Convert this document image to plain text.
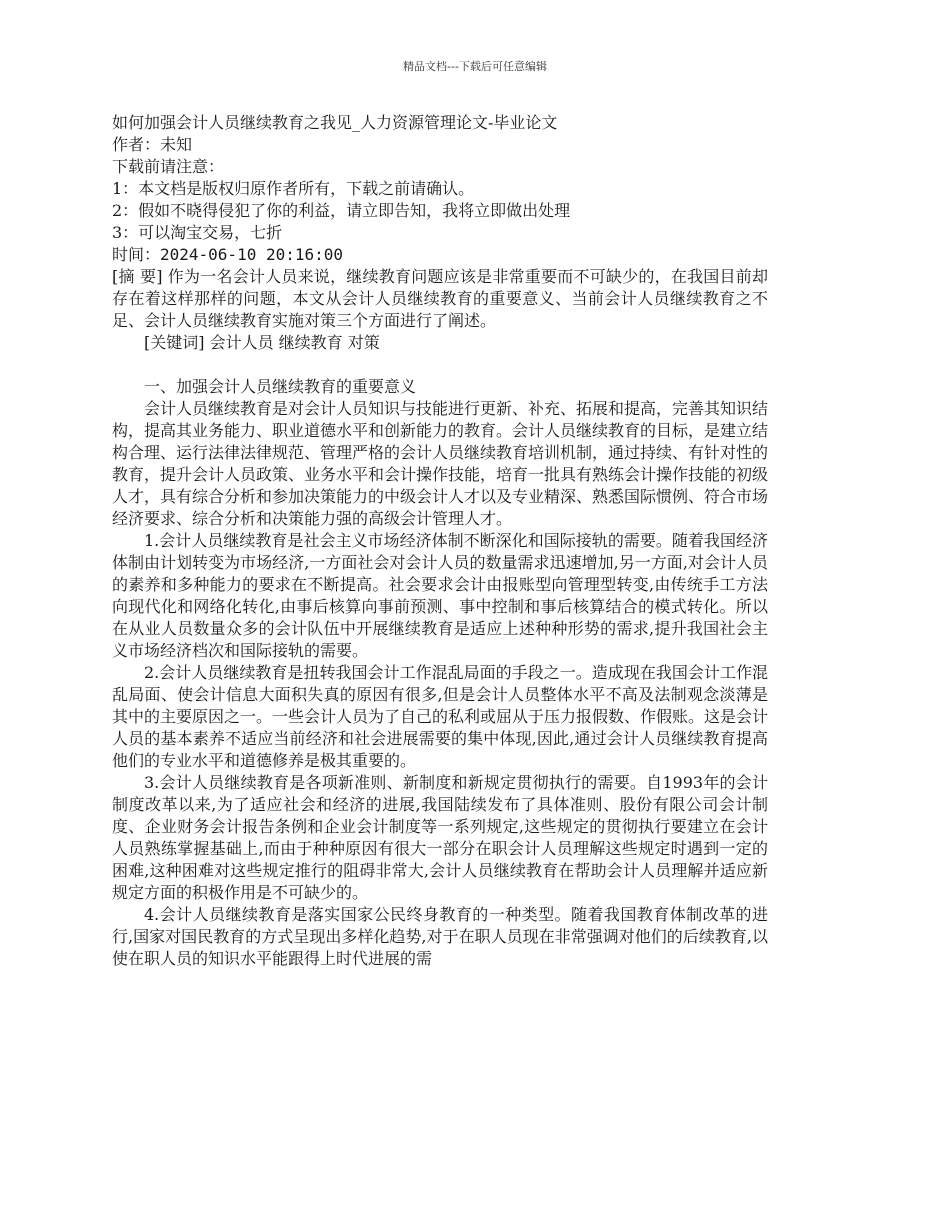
精品文档---下载后可任意编辑
如何加强会计人员继续教育之我见_人力资源管理论文-毕业论文
作者：未知
下载前请注意：
1：本文档是版权归原作者所有，下载之前请确认。
2：假如不晓得侵犯了你的利益，请立即告知，我将立即做出处理
3：可以淘宝交易，七折
时间：2024-06-10 20:16:00

[摘 要] 作为一名会计人员来说，继续教育问题应该是非常重要而不可缺少的，在我国目前却存在着这样那样的问题，本文从会计人员继续教育的重要意义、当前会计人员继续教育之不足、会计人员继续教育实施对策三个方面进行了阐述。

[关键词] 会计人员 继续教育 对策

一、加强会计人员继续教育的重要意义

会计人员继续教育是对会计人员知识与技能进行更新、补充、拓展和提高，完善其知识结构，提高其业务能力、职业道德水平和创新能力的教育。会计人员继续教育的目标，是建立结构合理、运行法律法律规范、管理严格的会计人员继续教育培训机制，通过持续、有针对性的教育，提升会计人员政策、业务水平和会计操作技能，培育一批具有熟练会计操作技能的初级人才，具有综合分析和参加决策能力的中级会计人才以及专业精深、熟悉国际惯例、符合市场经济要求、综合分析和决策能力强的高级会计管理人才。

1.会计人员继续教育是社会主义市场经济体制不断深化和国际接轨的需要。随着我国经济体制由计划转变为市场经济,一方面社会对会计人员的数量需求迅速增加,另一方面,对会计人员的素养和多种能力的要求在不断提高。社会要求会计由报账型向管理型转变,由传统手工方法向现代化和网络化转化,由事后核算向事前预测、事中控制和事后核算结合的模式转化。所以在从业人员数量众多的会计队伍中开展继续教育是适应上述种种形势的需求,提升我国社会主义市场经济档次和国际接轨的需要。

2.会计人员继续教育是扭转我国会计工作混乱局面的手段之一。造成现在我国会计工作混乱局面、使会计信息大面积失真的原因有很多,但是会计人员整体水平不高及法制观念淡薄是其中的主要原因之一。一些会计人员为了自己的私利或屈从于压力报假数、作假账。这是会计人员的基本素养不适应当前经济和社会进展需要的集中体现,因此,通过会计人员继续教育提高他们的专业水平和道德修养是极其重要的。

3.会计人员继续教育是各项新准则、新制度和新规定贯彻执行的需要。自1993年的会计制度改革以来,为了适应社会和经济的进展,我国陆续发布了具体准则、股份有限公司会计制度、企业财务会计报告条例和企业会计制度等一系列规定,这些规定的贯彻执行要建立在会计人员熟练掌握基础上,而由于种种原因有很大一部分在职会计人员理解这些规定时遇到一定的困难,这种困难对这些规定推行的阻碍非常大,会计人员继续教育在帮助会计人员理解并适应新规定方面的积极作用是不可缺少的。

4.会计人员继续教育是落实国家公民终身教育的一种类型。随着我国教育体制改革的进行,国家对国民教育的方式呈现出多样化趋势,对于在职人员现在非常强调对他们的后续教育,以使在职人员的知识水平能跟得上时代进展的需
